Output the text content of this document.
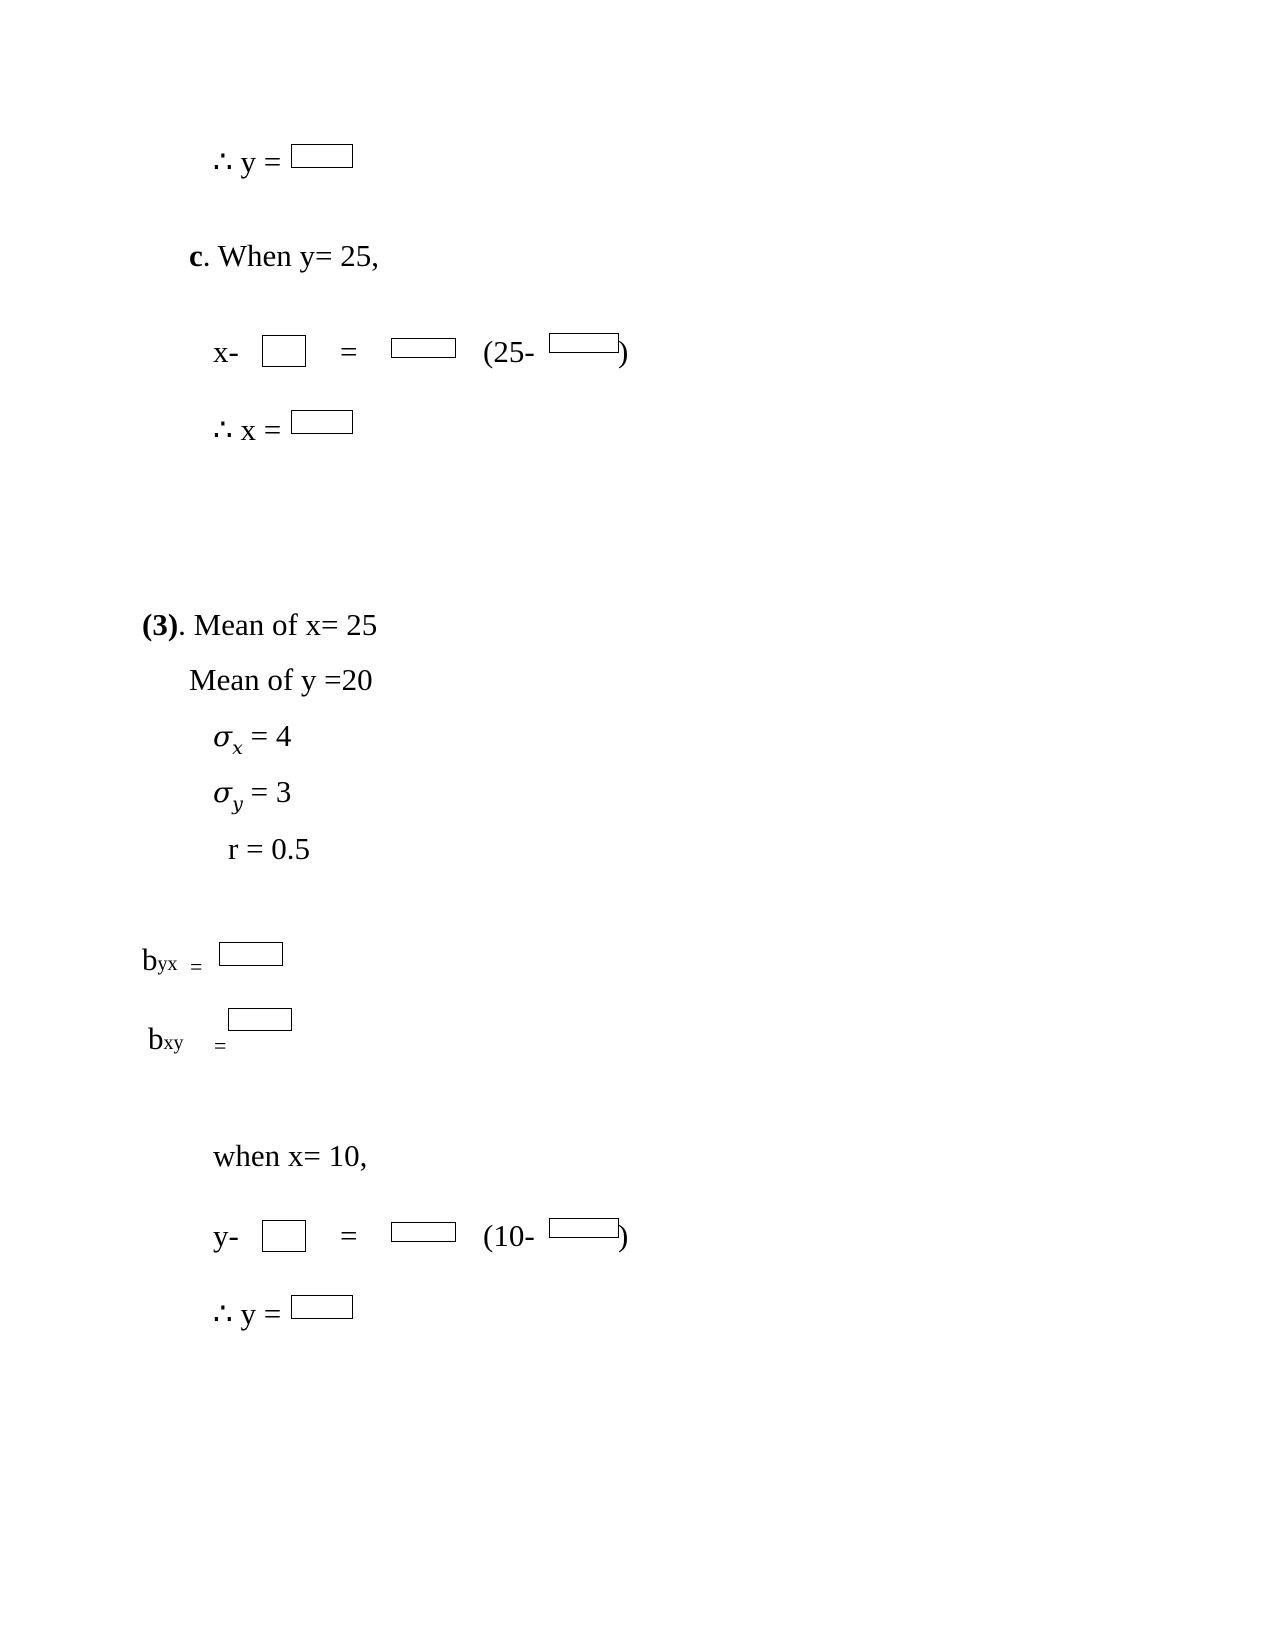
∴ y =
c. When y= 25,
x-	=	(25-	)
∴ x =
(3). Mean of x= 25
Mean of y =20
$\sigma_x = 4$
$\sigma_y = 3$
r = 0.5
byx =
bxy =
when x= 10,
y-	=	(10-	)
∴ y =
